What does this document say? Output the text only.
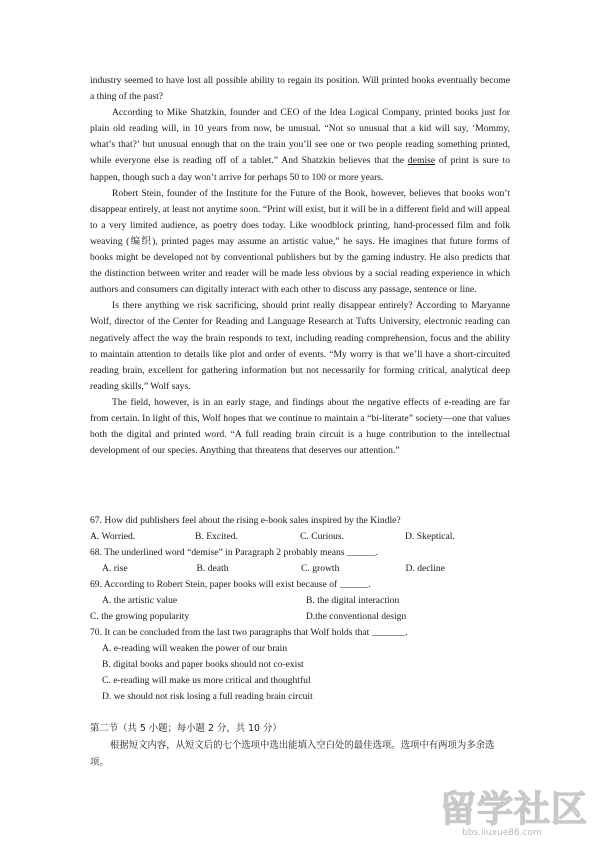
industry seemed to have lost all possible ability to regain its position. Will printed books eventually become a thing of the past?

According to Mike Shatzkin, founder and CEO of the Idea Logical Company, printed books just for plain old reading will, in 10 years from now, be unusual. “Not so unusual that a kid will say, ‘Mommy, what’s that?’ but unusual enough that on the train you’ll see one or two people reading something printed, while everyone else is reading off of a tablet.” And Shatzkin believes that the demise of print is sure to happen, though such a day won’t arrive for perhaps 50 to 100 or more years.

Robert Stein, founder of the Institute for the Future of the Book, however, believes that books won’t disappear entirely, at least not anytime soon. “Print will exist, but it will be in a different field and will appeal to a very limited audience, as poetry does today. Like woodblock printing, hand-processed film and folk weaving (编织), printed pages may assume an artistic value,” he says. He imagines that future forms of books might be developed not by conventional publishers but by the gaming industry. He also predicts that the distinction between writer and reader will be made less obvious by a social reading experience in which authors and consumers can digitally interact with each other to discuss any passage, sentence or line.

Is there anything we risk sacrificing, should print really disappear entirely? According to Maryanne Wolf, director of the Center for Reading and Language Research at Tufts University, electronic reading can negatively affect the way the brain responds to text, including reading comprehension, focus and the ability to maintain attention to details like plot and order of events. “My worry is that we’ll have a short-circuited reading brain, excellent for gathering information but not necessarily for forming critical, analytical deep reading skills,” Wolf says.

The field, however, is in an early stage, and findings about the negative effects of e-reading are far from certain. In light of this, Wolf hopes that we continue to maintain a “bi-literate” society—one that values both the digital and printed word. “A full reading brain circuit is a huge contribution to the intellectual development of our species. Anything that threatens that deserves our attention.”

67. How did publishers feel about the rising e-book sales inspired by the Kindle?

A. Worried.	B. Excited.	C. Curious.	D. Skeptical.

68. The underlined word “demise” in Paragraph 2 probably means ______.

A. rise	B. death	C. growth	D. decline

69. According to Robert Stein, paper books will exist because of ______.

A. the artistic value	B. the digital interaction
C. the growing popularity	D.the conventional design

70. It can be concluded from the last two paragraphs that Wolf holds that _______.

A. e-reading will weaken the power of our brain

B. digital books and paper books should not co-exist

C. e-reading will make us more critical and thoughtful

D. we should not risk losing a full reading brain circuit

第二节（共 5 小题；每小题 2 分，共 10 分）

根据短文内容，从短文后的七个选项中选出能填入空白处的最佳选项。选项中有两项为多余选项。

留学社区
bbs.liuxue86.com
